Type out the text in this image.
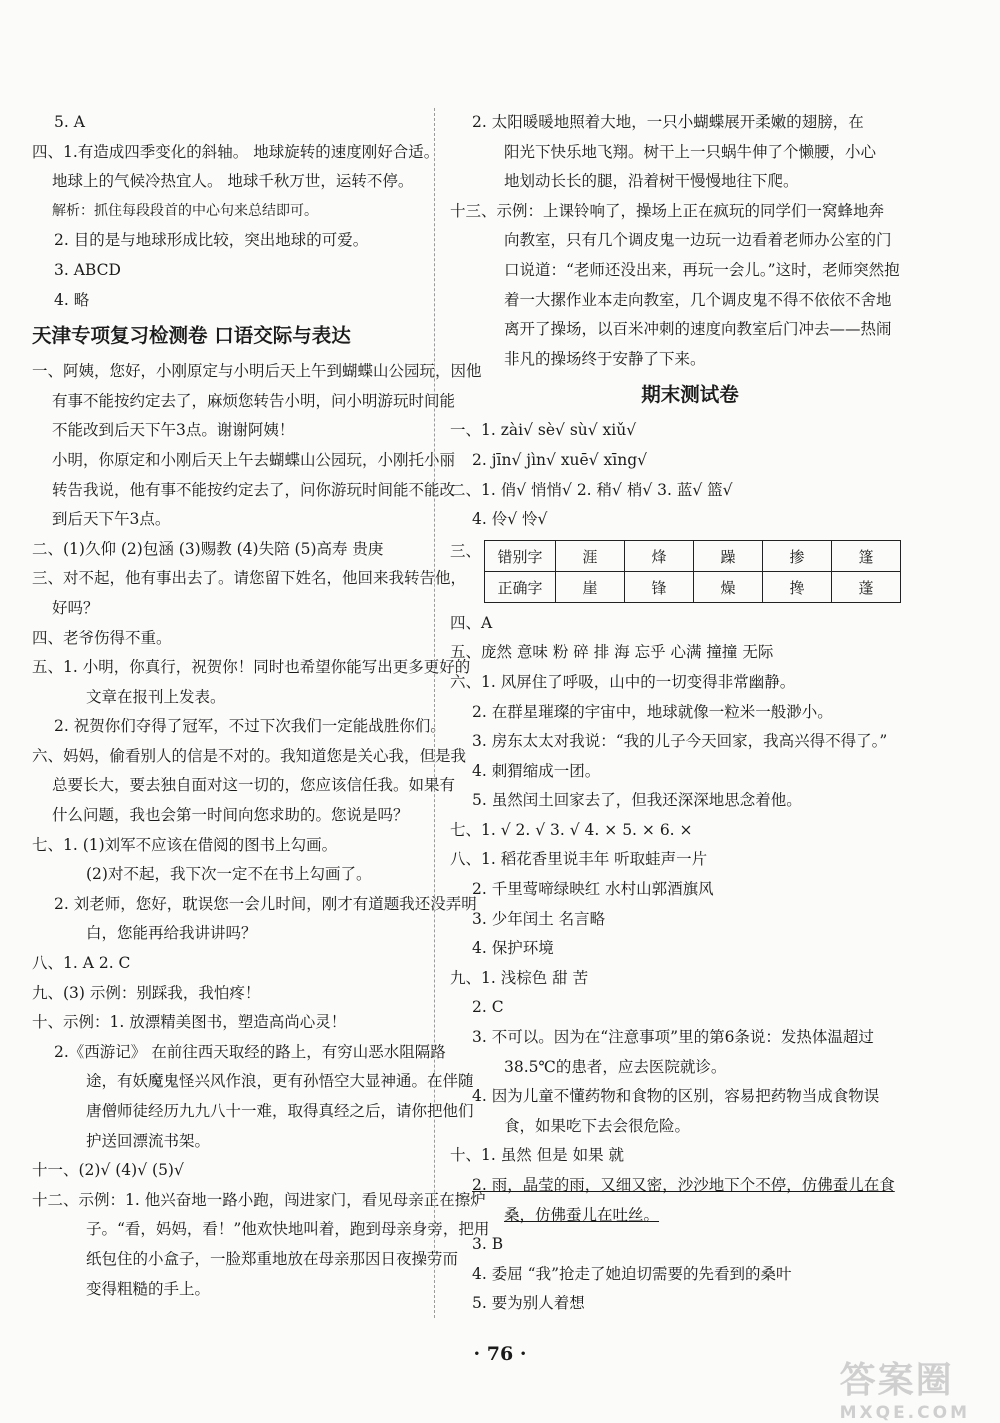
5. A
四、1.有造成四季变化的斜轴。 地球旋转的速度刚好合适。
地球上的气候冷热宜人。 地球千秋万世，运转不停。
解析：抓住每段段首的中心句来总结即可。
2. 目的是与地球形成比较，突出地球的可爱。
3. ABCD
4. 略
天津专项复习检测卷 口语交际与表达
一、阿姨，您好，小刚原定与小明后天上午到蝴蝶山公园玩，因他
有事不能按约定去了，麻烦您转告小明，问小明游玩时间能
不能改到后天下午3点。谢谢阿姨！
小明，你原定和小刚后天上午去蝴蝶山公园玩，小刚托小丽
转告我说，他有事不能按约定去了，问你游玩时间能不能改
到后天下午3点。
二、(1)久仰 (2)包涵 (3)赐教 (4)失陪 (5)高寿 贵庚
三、对不起，他有事出去了。请您留下姓名，他回来我转告他，
好吗？
四、老爷伤得不重。
五、1. 小明，你真行，祝贺你！同时也希望你能写出更多更好的
文章在报刊上发表。
2. 祝贺你们夺得了冠军，不过下次我们一定能战胜你们。
六、妈妈，偷看别人的信是不对的。我知道您是关心我，但是我
总要长大，要去独自面对这一切的，您应该信任我。如果有
什么问题，我也会第一时间向您求助的。您说是吗？
七、1. (1)刘军不应该在借阅的图书上勾画。
(2)对不起，我下次一定不在书上勾画了。
2. 刘老师，您好，耽误您一会儿时间，刚才有道题我还没弄明
白，您能再给我讲讲吗？
八、1. A 2. C
九、(3) 示例：别踩我，我怕疼！
十、示例：1. 放漂精美图书，塑造高尚心灵！
2.《西游记》 在前往西天取经的路上，有穷山恶水阻隔路
途，有妖魔鬼怪兴风作浪，更有孙悟空大显神通。在伴随
唐僧师徒经历九九八十一难，取得真经之后，请你把他们
护送回漂流书架。
十一、(2)√ (4)√ (5)√
十二、示例：1. 他兴奋地一路小跑，闯进家门，看见母亲正在擦炉
子。“看，妈妈，看！”他欢快地叫着，跑到母亲身旁，把用
纸包住的小盒子，一脸郑重地放在母亲那因日夜操劳而
变得粗糙的手上。
2. 太阳暖暖地照着大地，一只小蝴蝶展开柔嫩的翅膀，在
阳光下快乐地飞翔。树干上一只蜗牛伸了个懒腰，小心
地划动长长的腿，沿着树干慢慢地往下爬。
十三、示例：上课铃响了，操场上正在疯玩的同学们一窝蜂地奔
向教室，只有几个调皮鬼一边玩一边看着老师办公室的门
口说道：“老师还没出来，再玩一会儿。”这时，老师突然抱
着一大摞作业本走向教室，几个调皮鬼不得不依依不舍地
离开了操场，以百米冲刺的速度向教室后门冲去——热闹
非凡的操场终于安静了下来。
期末测试卷
一、1. zài√ sè√ sù√ xiǔ√
2. jīn√ jìn√ xuē√ xīng√
二、1. 俏√ 悄悄√ 2. 稍√ 梢√ 3. 蓝√ 篮√
4. 伶√ 怜√
三、 错别字	涯	烽	躁	掺	篷
正确字	崖	锋	燥	搀	蓬
四、A
五、庞然 意味 粉 碎 排 海 忘乎 心满 撞撞 无际
六、1. 风屏住了呼吸，山中的一切变得非常幽静。
2. 在群星璀璨的宇宙中，地球就像一粒米一般渺小。
3. 房东太太对我说：“我的儿子今天回家，我高兴得不得了。”
4. 刺猬缩成一团。
5. 虽然闰土回家去了，但我还深深地思念着他。
七、1. √ 2. √ 3. √ 4. × 5. × 6. ×
八、1. 稻花香里说丰年 听取蛙声一片
2. 千里莺啼绿映红 水村山郭酒旗风
3. 少年闰土 名言略
4. 保护环境
九、1. 浅棕色 甜 苦
2. C
3. 不可以。因为在“注意事项”里的第6条说：发热体温超过
38.5℃的患者，应去医院就诊。
4. 因为儿童不懂药物和食物的区别，容易把药物当成食物误
食，如果吃下去会很危险。
十、1. 虽然 但是 如果 就
2. 雨，晶莹的雨，又细又密，沙沙地下个不停，仿佛蚕儿在食
桑，仿佛蚕儿在吐丝。
3. B
4. 委屈 “我”抢走了她迫切需要的先看到的桑叶
5. 要为别人着想
· 76 ·
答案圈
MXQE.COM
